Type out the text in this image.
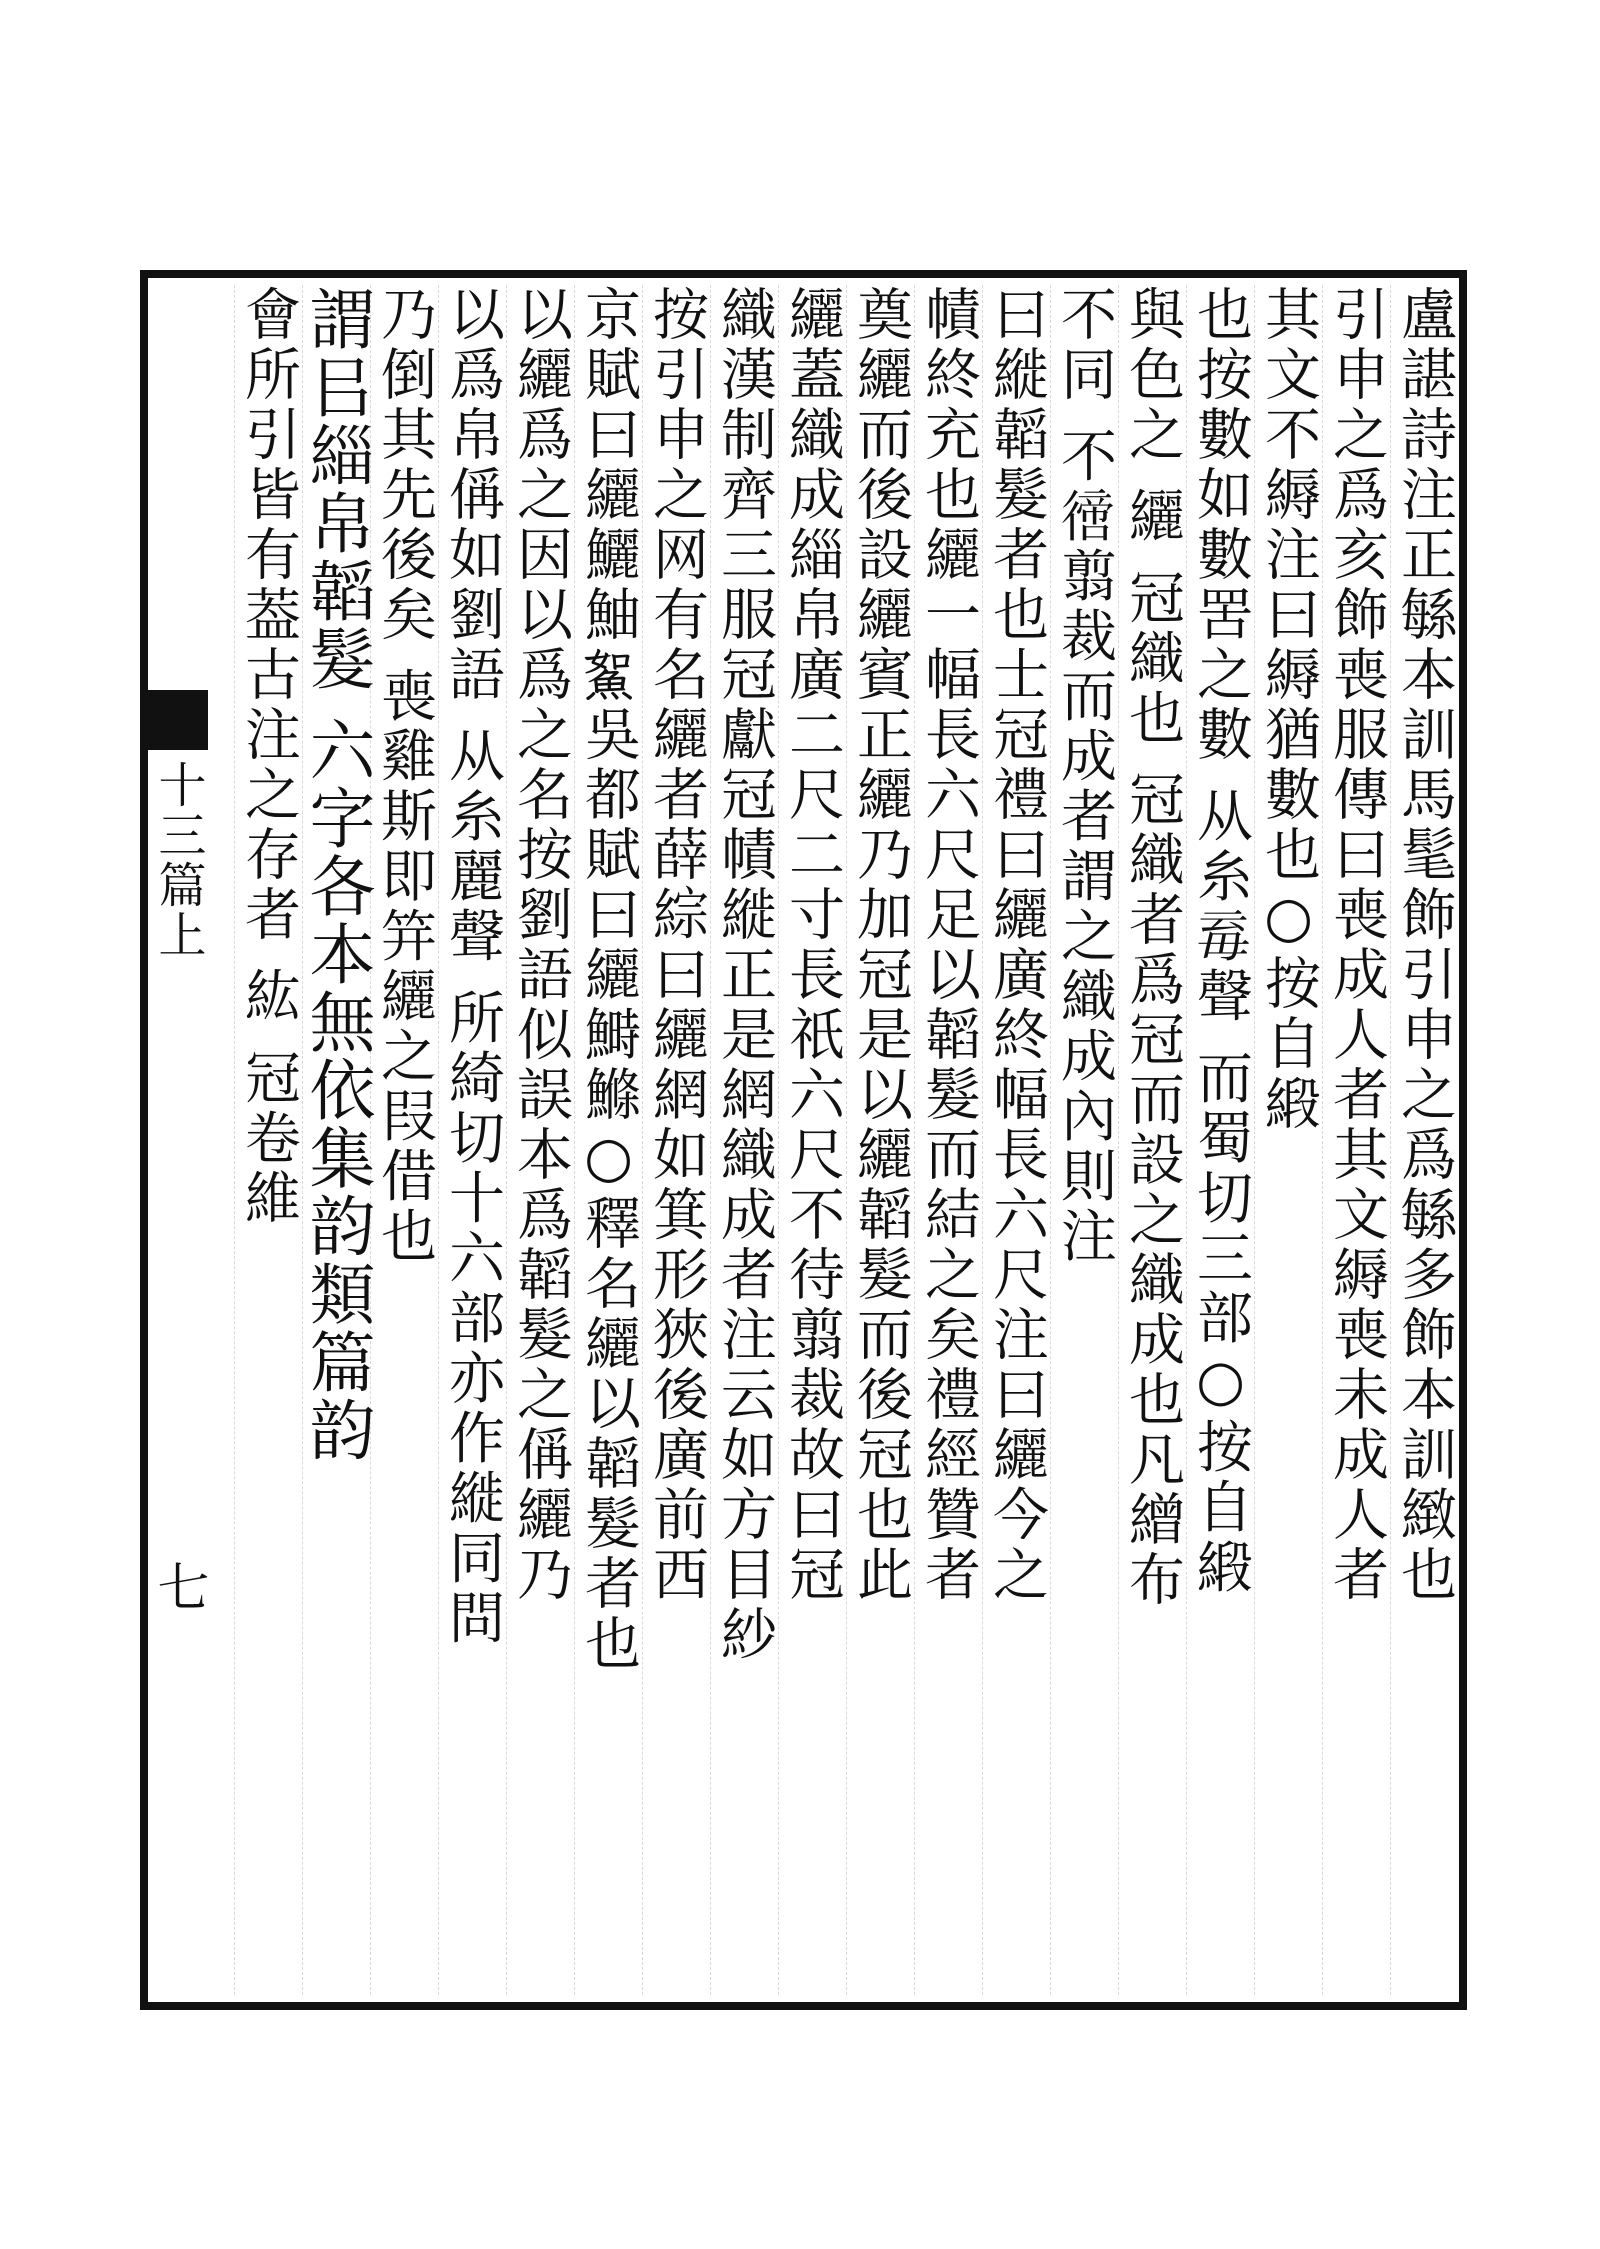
十三篇上
七	盧諶詩注正緐本訓馬髦飾引申之爲緐多飾本訓緻也
引申之爲亥飾喪服傳曰喪成人者其文縟喪未成人者
其文不縟注曰縟猶數也○按自緞
也按數如數罟之數 从糸𣫱聲 而蜀切三部○按自緞
與色之 纚 冠織也 冠織者爲冠而設之織成也凡繒布
不同 不𢕮翦裁而成者謂之織成內則注
曰縰韜髮者也士冠禮曰纚廣終幅長六尺注曰纚今之
幘終充也纚一幅長六尺足以韜髮而結之矣禮經贊者
奠纚而後設纚賓正纚乃加冠是以纚韜髮而後冠也此
纚蓋織成緇帛廣二尺二寸長祇六尺不待翦裁故曰冠
織漢制齊三服冠獻冠幘縰正是網織成者注云如方目紗
按引申之网有名纚者薛綜曰纚網如箕形狹後廣前西
京賦曰纚鱺鮋𩶯吳都賦曰纚鰣鰷○釋名纚以韜髮者也
以纚爲之因以爲之名按劉語似誤本爲韜髮之偁纚乃
以爲帛偁如劉語 从糸麗聲 所綺切十六部亦作縰同問
乃倒其先後矣 喪雞斯即笄纚之叚借也
謂㠯緇帛韜髮 六字各本無依集韵類篇韵
會所引皆有葢古注之存者 紘 冠卷維
